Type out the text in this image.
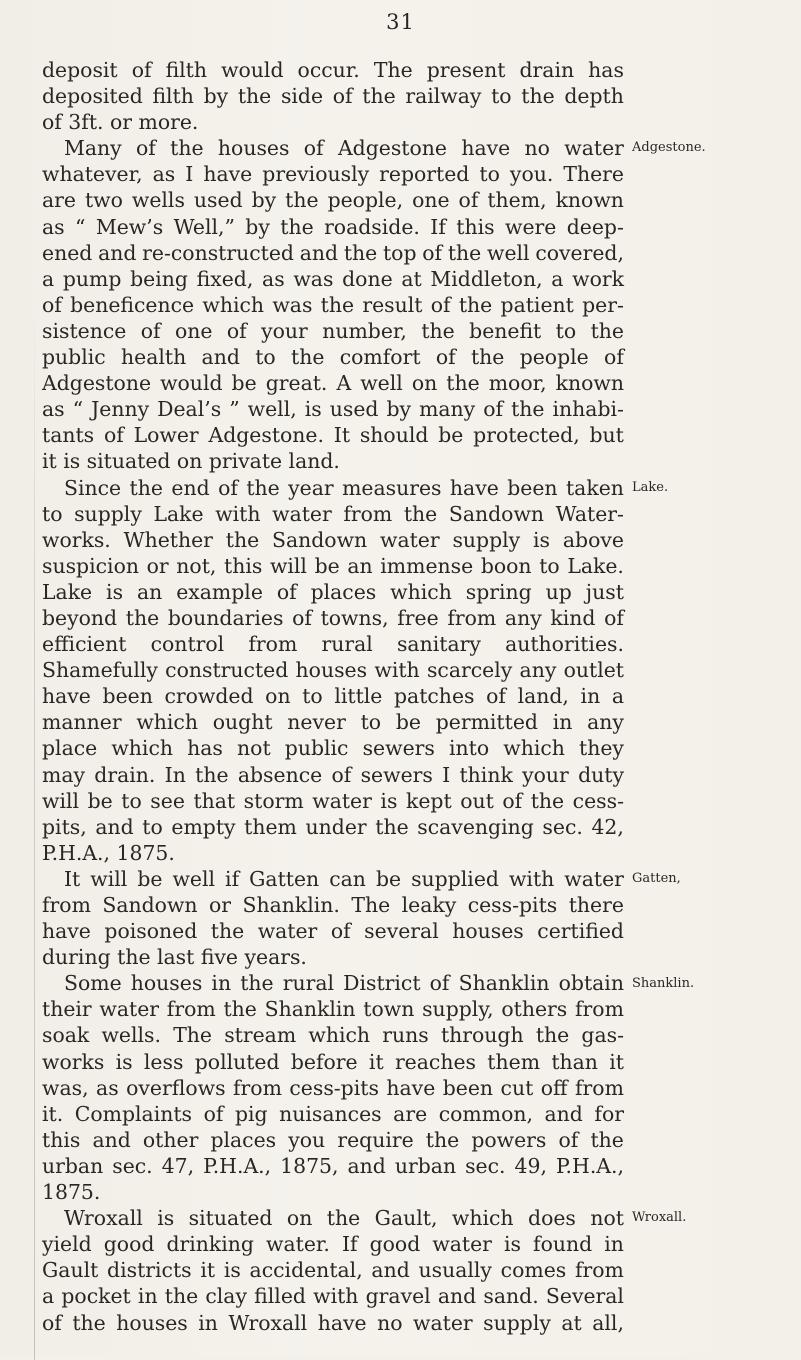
31
deposit of filth would occur. The present drain has
deposited filth by the side of the railway to the depth
of 3ft. or more.
Many of the houses of Adgestone have no water
whatever, as I have previously reported to you. There
are two wells used by the people, one of them, known
as “ Mew’s Well,” by the roadside. If this were deep-
ened and re-constructed and the top of the well covered,
a pump being fixed, as was done at Middleton, a work
of beneficence which was the result of the patient per-
sistence of one of your number, the benefit to the
public health and to the comfort of the people of
Adgestone would be great. A well on the moor, known
as “ Jenny Deal’s ” well, is used by many of the inhabi-
tants of Lower Adgestone. It should be protected, but
it is situated on private land.
Since the end of the year measures have been taken
to supply Lake with water from the Sandown Water-
works. Whether the Sandown water supply is above
suspicion or not, this will be an immense boon to Lake.
Lake is an example of places which spring up just
beyond the boundaries of towns, free from any kind of
efficient control from rural sanitary authorities.
Shamefully constructed houses with scarcely any outlet
have been crowded on to little patches of land, in a
manner which ought never to be permitted in any
place which has not public sewers into which they
may drain. In the absence of sewers I think your duty
will be to see that storm water is kept out of the cess-
pits, and to empty them under the scavenging sec. 42,
P.H.A., 1875.
It will be well if Gatten can be supplied with water
from Sandown or Shanklin. The leaky cess-pits there
have poisoned the water of several houses certified
during the last five years.
Some houses in the rural District of Shanklin obtain
their water from the Shanklin town supply, others from
soak wells. The stream which runs through the gas-
works is less polluted before it reaches them than it
was, as overflows from cess-pits have been cut off from
it. Complaints of pig nuisances are common, and for
this and other places you require the powers of the
urban sec. 47, P.H.A., 1875, and urban sec. 49, P.H.A.,
1875.
Wroxall is situated on the Gault, which does not
yield good drinking water. If good water is found in
Gault districts it is accidental, and usually comes from
a pocket in the clay filled with gravel and sand. Several
of the houses in Wroxall have no water supply at all,
Adgestone.
Lake.
Gatten,
Shanklin.
Wroxall.
